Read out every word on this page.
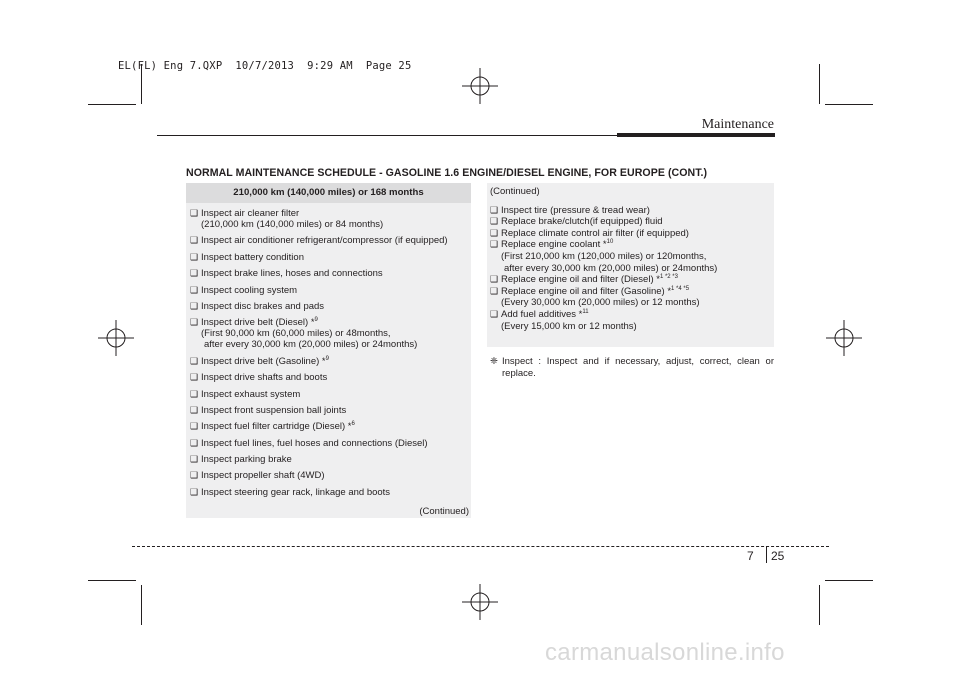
EL(FL) Eng 7.QXP  10/7/2013  9:29 AM  Page 25
Maintenance
NORMAL MAINTENANCE SCHEDULE - GASOLINE 1.6 ENGINE/DIESEL ENGINE, FOR EUROPE (CONT.)
210,000 km (140,000 miles) or 168 months
❑ Inspect air cleaner filter
(210,000 km (140,000 miles) or 84 months)
❑ Inspect air conditioner refrigerant/compressor (if equipped)
❑ Inspect battery condition
❑ Inspect brake lines, hoses and connections
❑ Inspect cooling system
❑ Inspect disc brakes and pads
❑ Inspect drive belt (Diesel) *$^9$
(First 90,000 km (60,000 miles) or 48months,
after every 30,000 km (20,000 miles) or 24months)
❑ Inspect drive belt (Gasoline) *$^9$
❑ Inspect drive shafts and boots
❑ Inspect exhaust system
❑ Inspect front suspension ball joints
❑ Inspect fuel filter cartridge (Diesel) *$^6$
❑ Inspect fuel lines, fuel hoses and connections (Diesel)
❑ Inspect parking brake
❑ Inspect propeller shaft (4WD)
❑ Inspect steering gear rack, linkage and boots
(Continued)
(Continued)
❑ Inspect tire (pressure & tread wear)
❑ Replace brake/clutch(if equipped) fluid
❑ Replace climate control air filter (if equipped)
❑ Replace engine coolant *$^{10}$
(First 210,000 km (120,000 miles) or 120months,
after every 30,000 km (20,000 miles) or 24months)
❑ Replace engine oil and filter (Diesel) *$^{1 *2 *3}$
❑ Replace engine oil and filter (Gasoline) *$^{1 *4 *5}$
(Every 30,000 km (20,000 miles) or 12 months)
❑ Add fuel additives *$^{11}$
(Every 15,000 km or 12 months)
❈ Inspect : Inspect and if necessary, adjust, correct, clean or replace.
7 25
carmanualsonline.info
